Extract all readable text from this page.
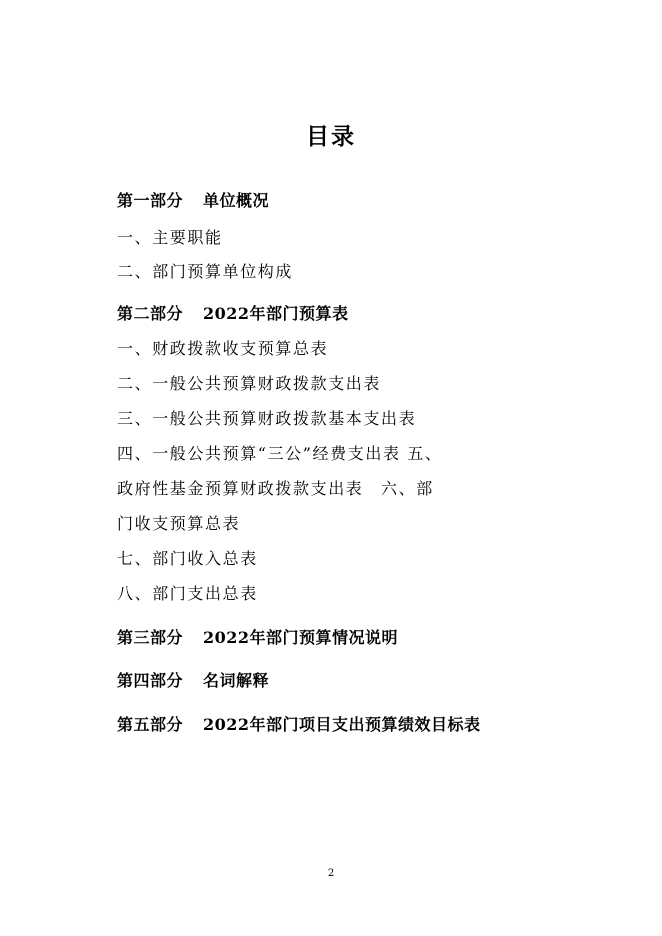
目录
第一部分 单位概况
一、主要职能
二、部门预算单位构成
第二部分 2022年部门预算表
一、财政拨款收支预算总表
二、一般公共预算财政拨款支出表
三、一般公共预算财政拨款基本支出表
四、一般公共预算“三公”经费支出表 五、
政府性基金预算财政拨款支出表　六、部
门收支预算总表
七、部门收入总表
八、部门支出总表
第三部分 2022年部门预算情况说明
第四部分 名词解释
第五部分 2022年部门项目支出预算绩效目标表
2
